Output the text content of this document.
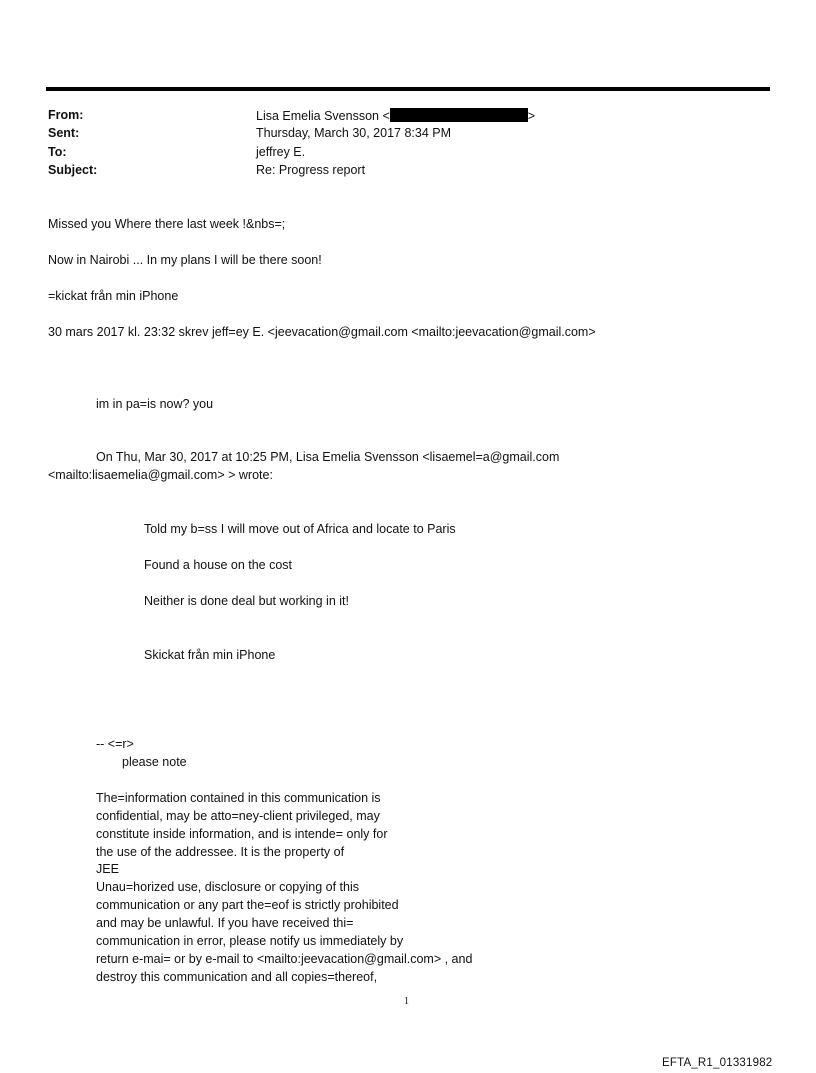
From:	Lisa Emelia Svensson <	>
Sent:	Thursday, March 30, 2017 8:34 PM
To:	jeffrey E.
Subject:	Re: Progress report
Missed you Where there last week !&nbs=;
Now in Nairobi ... In my plans I will be there soon!
=kickat från min iPhone
30 mars 2017 kl. 23:32 skrev jeff=ey E. <jeevacation@gmail.com <mailto:jeevacation@gmail.com>
im in pa=is now? you
On Thu, Mar 30, 2017 at 10:25 PM, Lisa Emelia Svensson <lisaemel=a@gmail.com
<mailto:lisaemelia@gmail.com> > wrote:
Told my b=ss I will move out of Africa and locate to Paris
Found a house on the cost
Neither is done deal but working in it!
Skickat från min iPhone
-- <=r>
please note
The=information contained in this communication is
confidential, may be atto=ney-client privileged, may
constitute inside information, and is intende= only for
the use of the addressee. It is the property of
JEE
Unau=horized use, disclosure or copying of this
communication or any part the=eof is strictly prohibited
and may be unlawful. If you have received thi=
communication in error, please notify us immediately by
return e-mai= or by e-mail to <mailto:jeevacation@gmail.com> , and
destroy this communication and all copies=thereof,
1
EFTA_R1_01331982
